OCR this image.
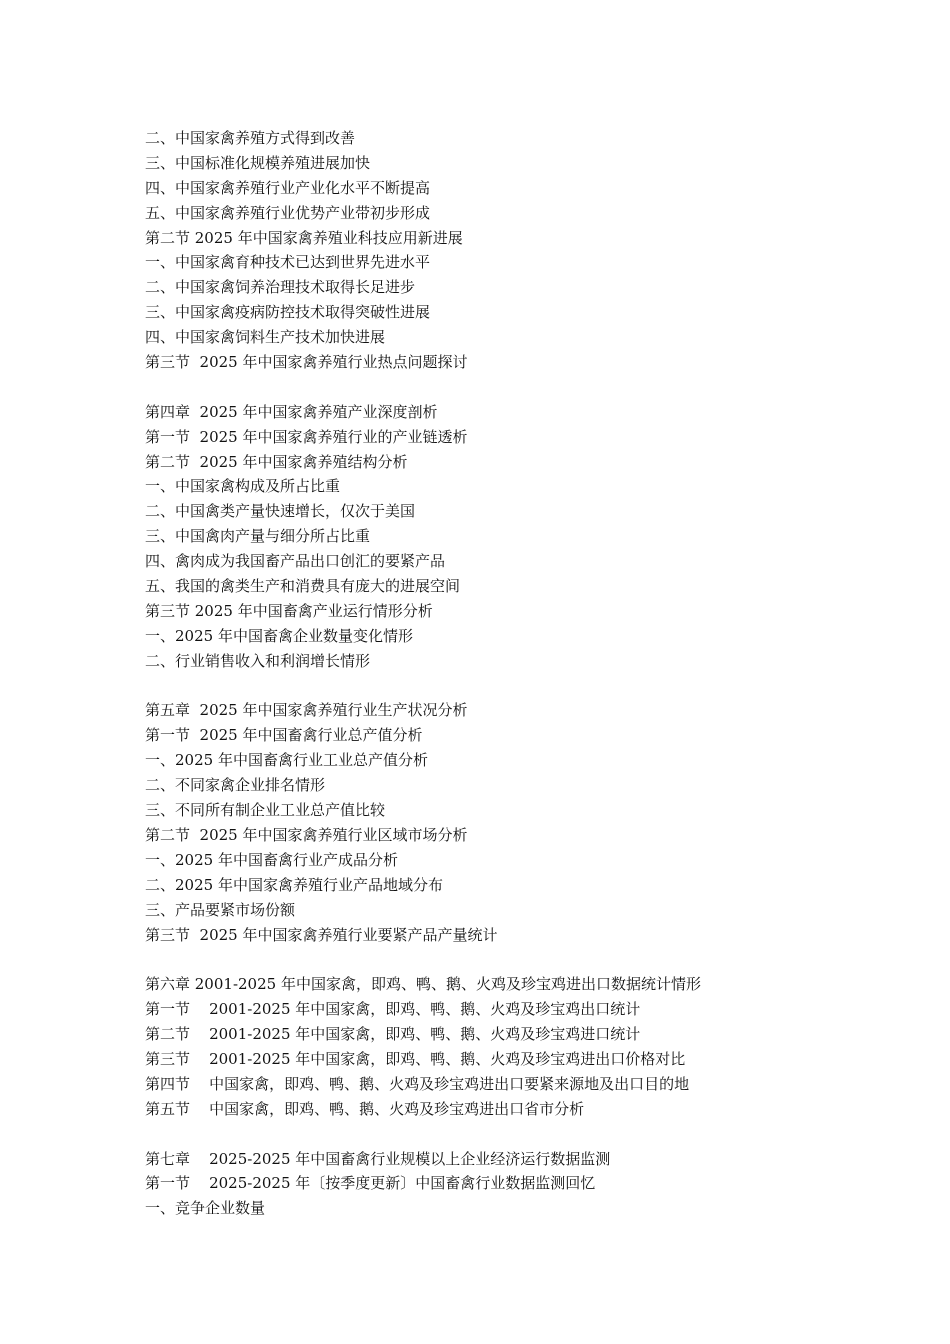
二、中国家禽养殖方式得到改善
三、中国标准化规模养殖进展加快
四、中国家禽养殖行业产业化水平不断提高
五、中国家禽养殖行业优势产业带初步形成
第二节 2025 年中国家禽养殖业科技应用新进展
一、中国家禽育种技术已达到世界先进水平
二、中国家禽饲养治理技术取得长足进步
三、中国家禽疫病防控技术取得突破性进展
四、中国家禽饲料生产技术加快进展
第三节  2025 年中国家禽养殖行业热点问题探讨
第四章  2025 年中国家禽养殖产业深度剖析
第一节  2025 年中国家禽养殖行业的产业链透析
第二节  2025 年中国家禽养殖结构分析
一、中国家禽构成及所占比重
二、中国禽类产量快速增长，仅次于美国
三、中国禽肉产量与细分所占比重
四、禽肉成为我国畜产品出口创汇的要紧产品
五、我国的禽类生产和消费具有庞大的进展空间
第三节 2025 年中国畜禽产业运行情形分析
一、2025 年中国畜禽企业数量变化情形
二、行业销售收入和利润增长情形
第五章  2025 年中国家禽养殖行业生产状况分析
第一节  2025 年中国畜禽行业总产值分析
一、2025 年中国畜禽行业工业总产值分析
二、不同家禽企业排名情形
三、不同所有制企业工业总产值比较
第二节  2025 年中国家禽养殖行业区域市场分析
一、2025 年中国畜禽行业产成品分析
二、2025 年中国家禽养殖行业产品地域分布
三、产品要紧市场份额
第三节  2025 年中国家禽养殖行业要紧产品产量统计
第六章 2001-2025 年中国家禽，即鸡、鸭、鹅、火鸡及珍宝鸡进出口数据统计情形
第一节    2001-2025 年中国家禽，即鸡、鸭、鹅、火鸡及珍宝鸡出口统计
第二节    2001-2025 年中国家禽，即鸡、鸭、鹅、火鸡及珍宝鸡进口统计
第三节    2001-2025 年中国家禽，即鸡、鸭、鹅、火鸡及珍宝鸡进出口价格对比
第四节    中国家禽，即鸡、鸭、鹅、火鸡及珍宝鸡进出口要紧来源地及出口目的地
第五节    中国家禽，即鸡、鸭、鹅、火鸡及珍宝鸡进出口省市分析
第七章    2025-2025 年中国畜禽行业规模以上企业经济运行数据监测
第一节    2025-2025 年〔按季度更新〕中国畜禽行业数据监测回忆
一、竞争企业数量
